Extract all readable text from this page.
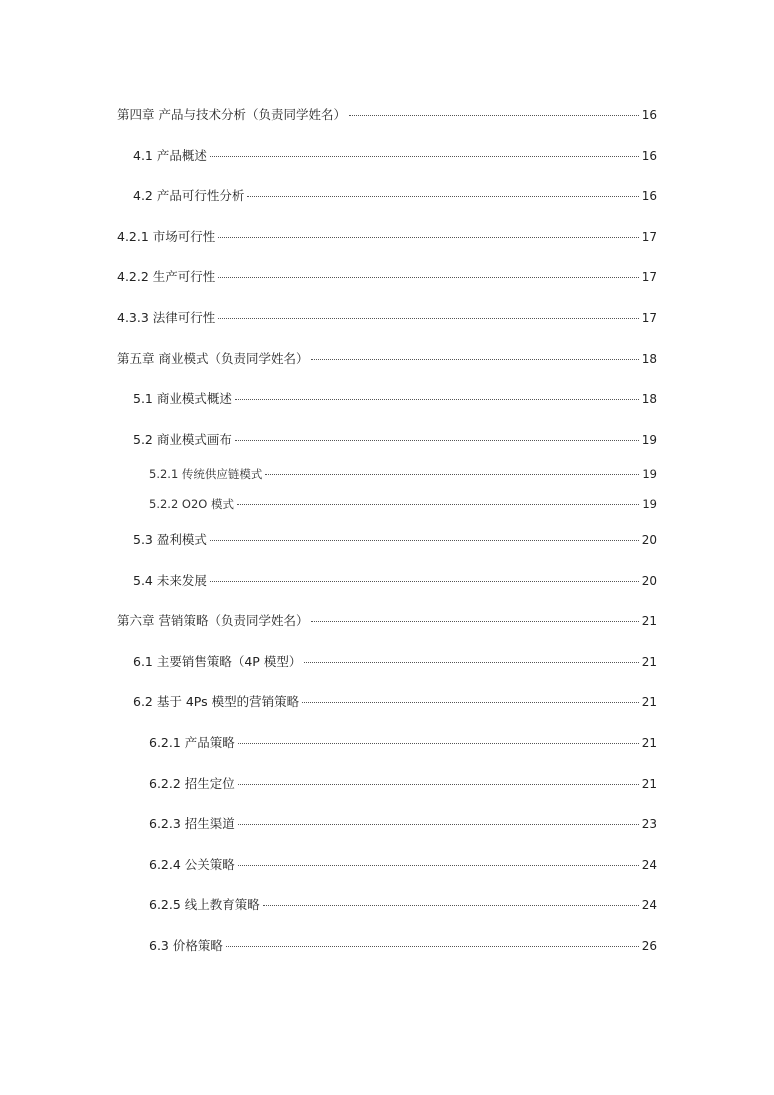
第四章 产品与技术分析（负责同学姓名）	16
4.1 产品概述	16
4.2 产品可行性分析	16
4.2.1 市场可行性	17
4.2.2 生产可行性	17
4.3.3 法律可行性	17
第五章 商业模式（负责同学姓名）	18
5.1 商业模式概述	18
5.2 商业模式画布	19
5.2.1 传统供应链模式	19
5.2.2 O2O 模式	19
5.3 盈利模式	20
5.4 未来发展	20
第六章 营销策略（负责同学姓名）	21
6.1 主要销售策略（4P 模型）	21
6.2 基于 4Ps 模型的营销策略	21
6.2.1 产品策略	21
6.2.2 招生定位	21
6.2.3 招生渠道	23
6.2.4 公关策略	24
6.2.5 线上教育策略	24
6.3 价格策略	26
